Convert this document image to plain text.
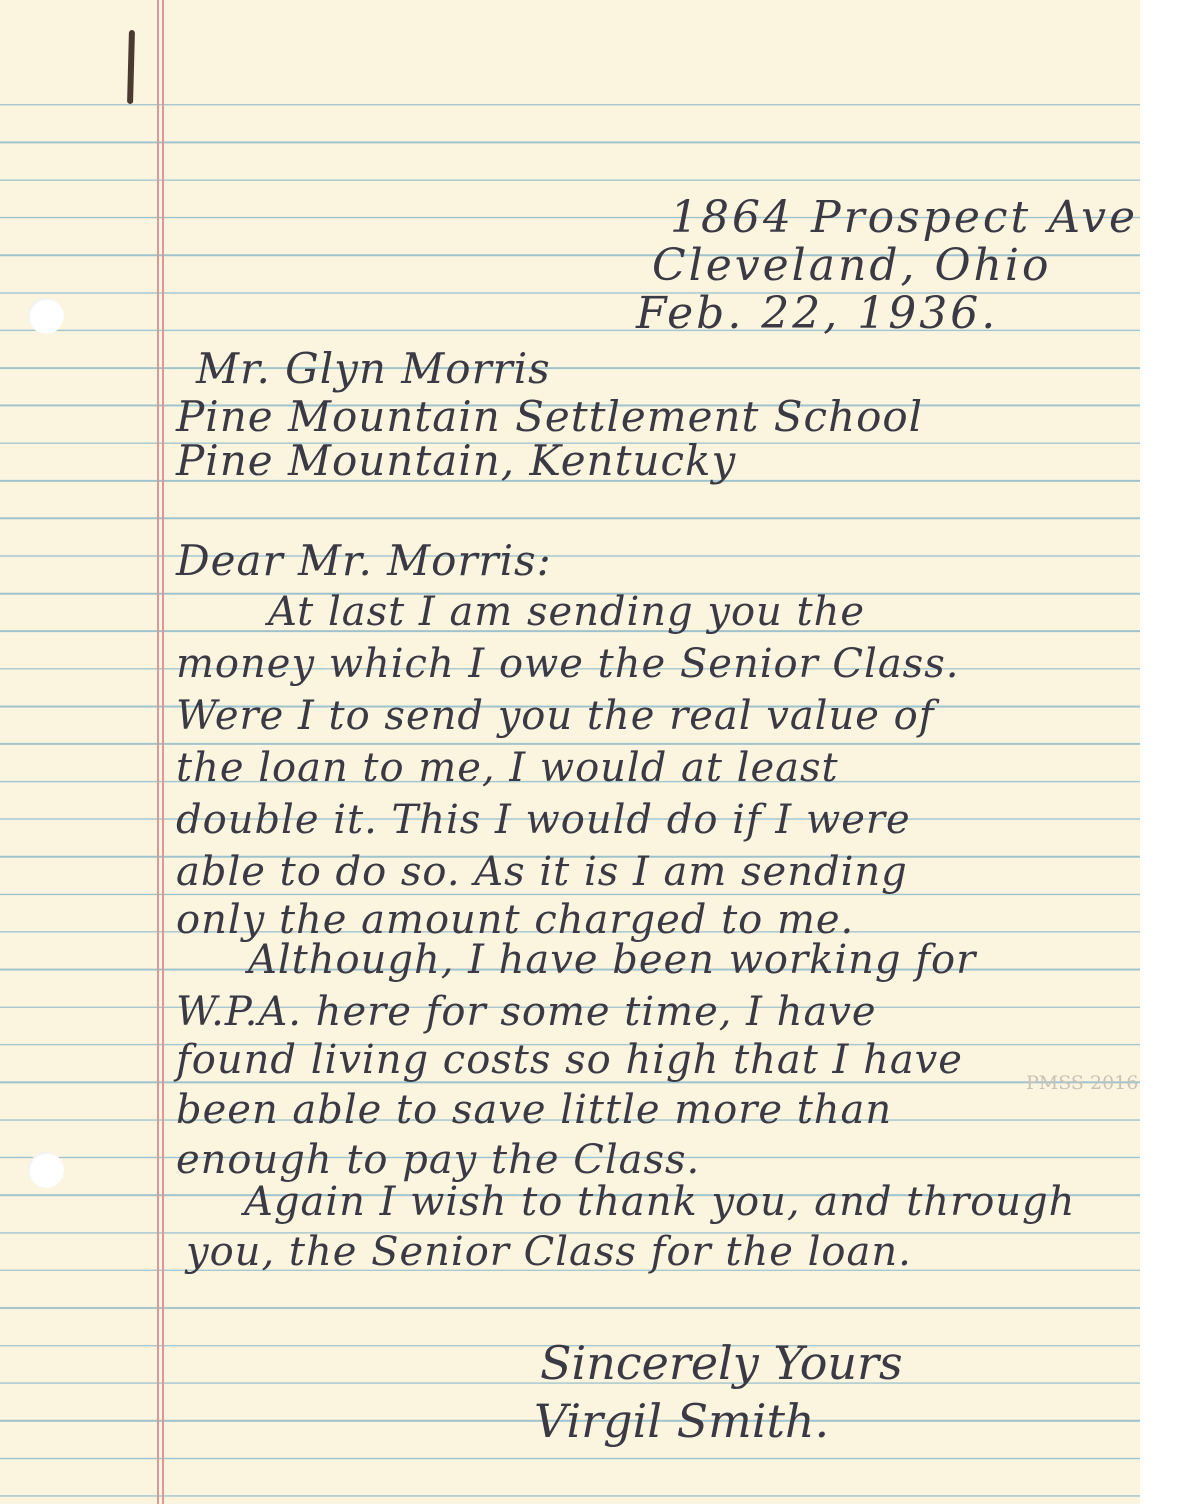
1864 Prospect Ave
Cleveland, Ohio
Feb. 22, 1936.
Mr. Glyn Morris
Pine Mountain Settlement School
Pine Mountain, Kentucky
Dear Mr. Morris:
At last I am sending you the
money which I owe the Senior Class.
Were I to send you the real value of
the loan to me, I would at least
double it. This I would do if I were
able to do so. As it is I am sending
only the amount charged to me.
Although, I have been working for
W.P.A. here for some time, I have
found living costs so high that I have
been able to save little more than
enough to pay the Class.
Again I wish to thank you, and through
you, the Senior Class for the loan.
Sincerely Yours
Virgil Smith.
PMSS 2016
